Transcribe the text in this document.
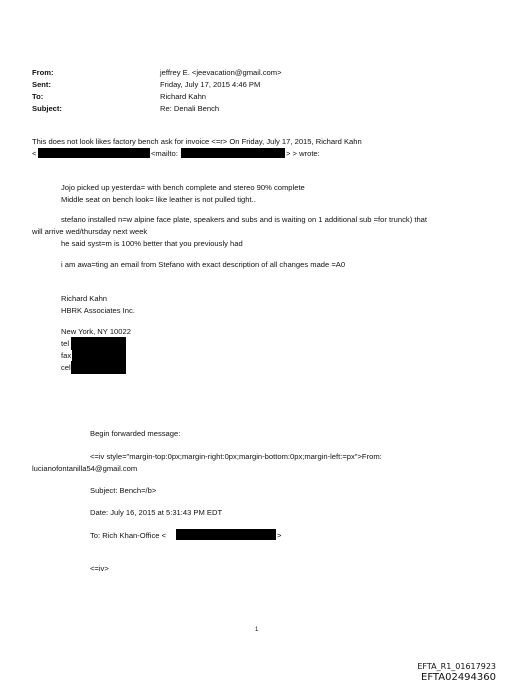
From:	jeffrey E. <jeevacation@gmail.com>
Sent:	Friday, July 17, 2015 4:46 PM
To:	Richard Kahn
Subject:	Re: Denali Bench
This does not look likes factory bench ask for invoice <=r> On Friday, July 17, 2015, Richard Kahn
<	<mailto:	> > wrote:
Jojo picked up yesterda= with bench complete and stereo 90% complete
Middle seat on bench look= like leather is not pulled tight..
stefano installed n=w alpine face plate, speakers and subs and is waiting on 1 additional sub =for trunck) that
will arrive wed/thursday next week
he said syst=m is 100% better that you previously had
i am awa=ting an email from Stefano with exact description of all changes made =A0
Richard Kahn
HBRK Associates Inc.
New York, NY 10022
tel
fax
cel
Begin forwarded message:
<=iv style="margin-top:0px;margin-right:0px;margin-bottom:0px;margin-left:=px">From:
lucianofontanilla54@gmail.com
Subject: Bench=/b>
Date: July 16, 2015 at 5:31:43 PM EDT
To: Rich Khan-Office <	>
<=iv>
1
EFTA_R1_01617923
EFTA02494360
